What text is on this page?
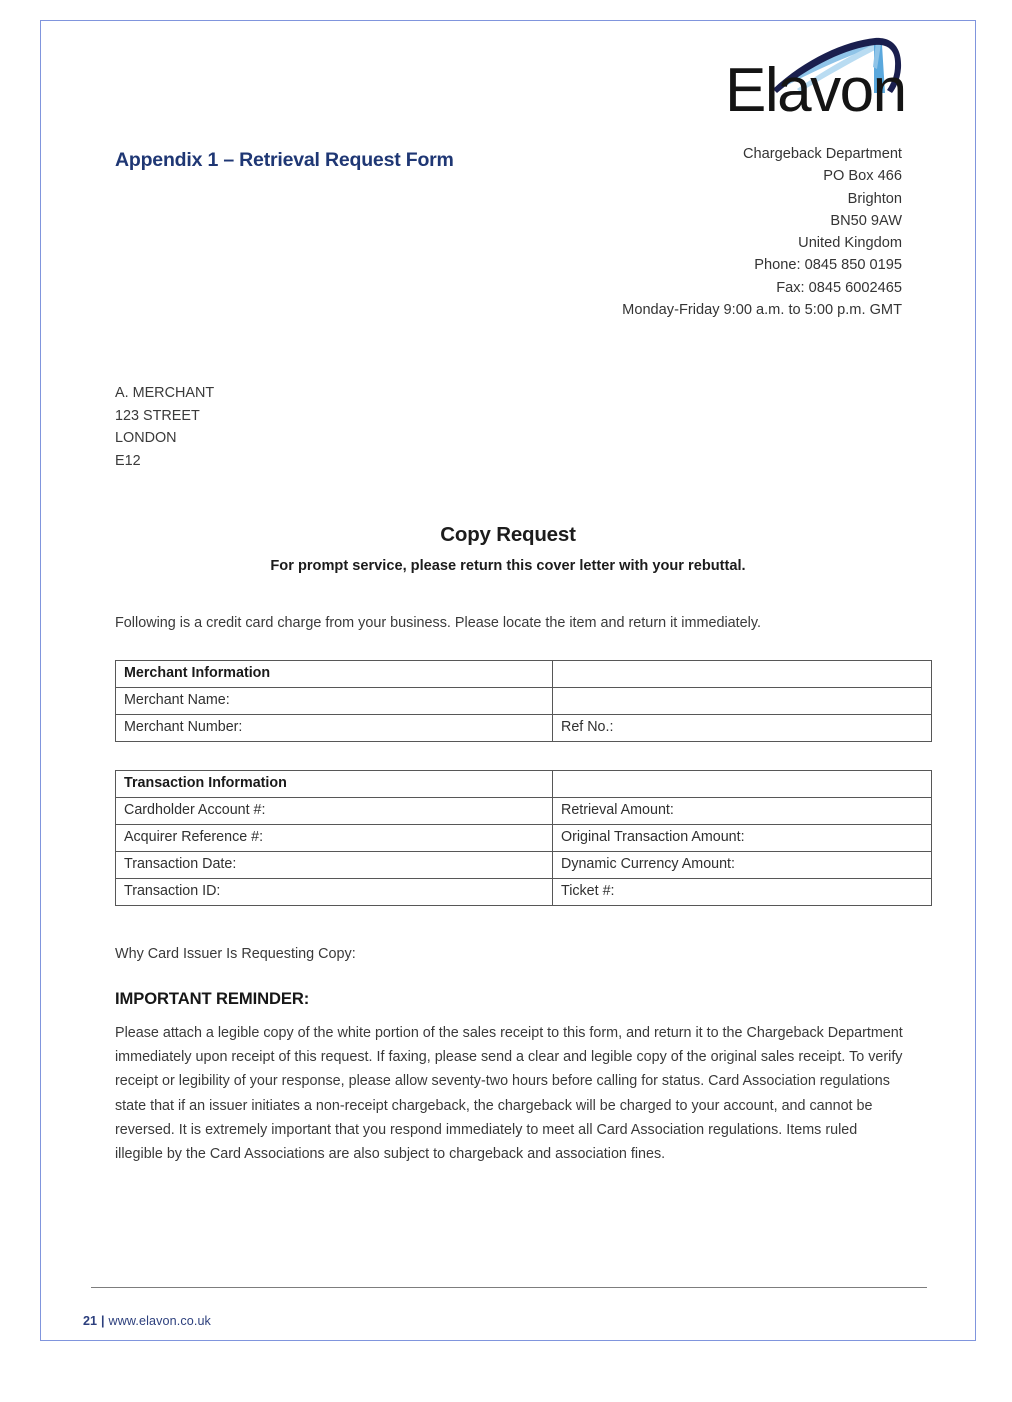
Elavon
Appendix 1 – Retrieval Request Form	Chargeback Department
PO Box 466
Brighton
BN50 9AW
United Kingdom
Phone: 0845 850 0195
Fax: 0845 6002465
Monday-Friday 9:00 a.m. to 5:00 p.m. GMT
A. MERCHANT
123 STREET
LONDON
E12
Copy Request
For prompt service, please return this cover letter with your rebuttal.
Following is a credit card charge from your business. Please locate the item and return it immediately.
Merchant Information	
Merchant Name:	
Merchant Number:	Ref No.:
Transaction Information	
Cardholder Account #:	Retrieval Amount:
Acquirer Reference #:	Original Transaction Amount:
Transaction Date:	Dynamic Currency Amount:
Transaction ID:	Ticket #:
Why Card Issuer Is Requesting Copy:
IMPORTANT REMINDER:
Please attach a legible copy of the white portion of the sales receipt to this form, and return it to the Chargeback Department immediately upon receipt of this request. If faxing, please send a clear and legible copy of the original sales receipt. To verify receipt or legibility of your response, please allow seventy-two hours before calling for status. Card Association regulations state that if an issuer initiates a non-receipt chargeback, the chargeback will be charged to your account, and cannot be reversed. It is extremely important that you respond immediately to meet all Card Association regulations. Items ruled illegible by the Card Associations are also subject to chargeback and association fines.
21 | www.elavon.co.uk
